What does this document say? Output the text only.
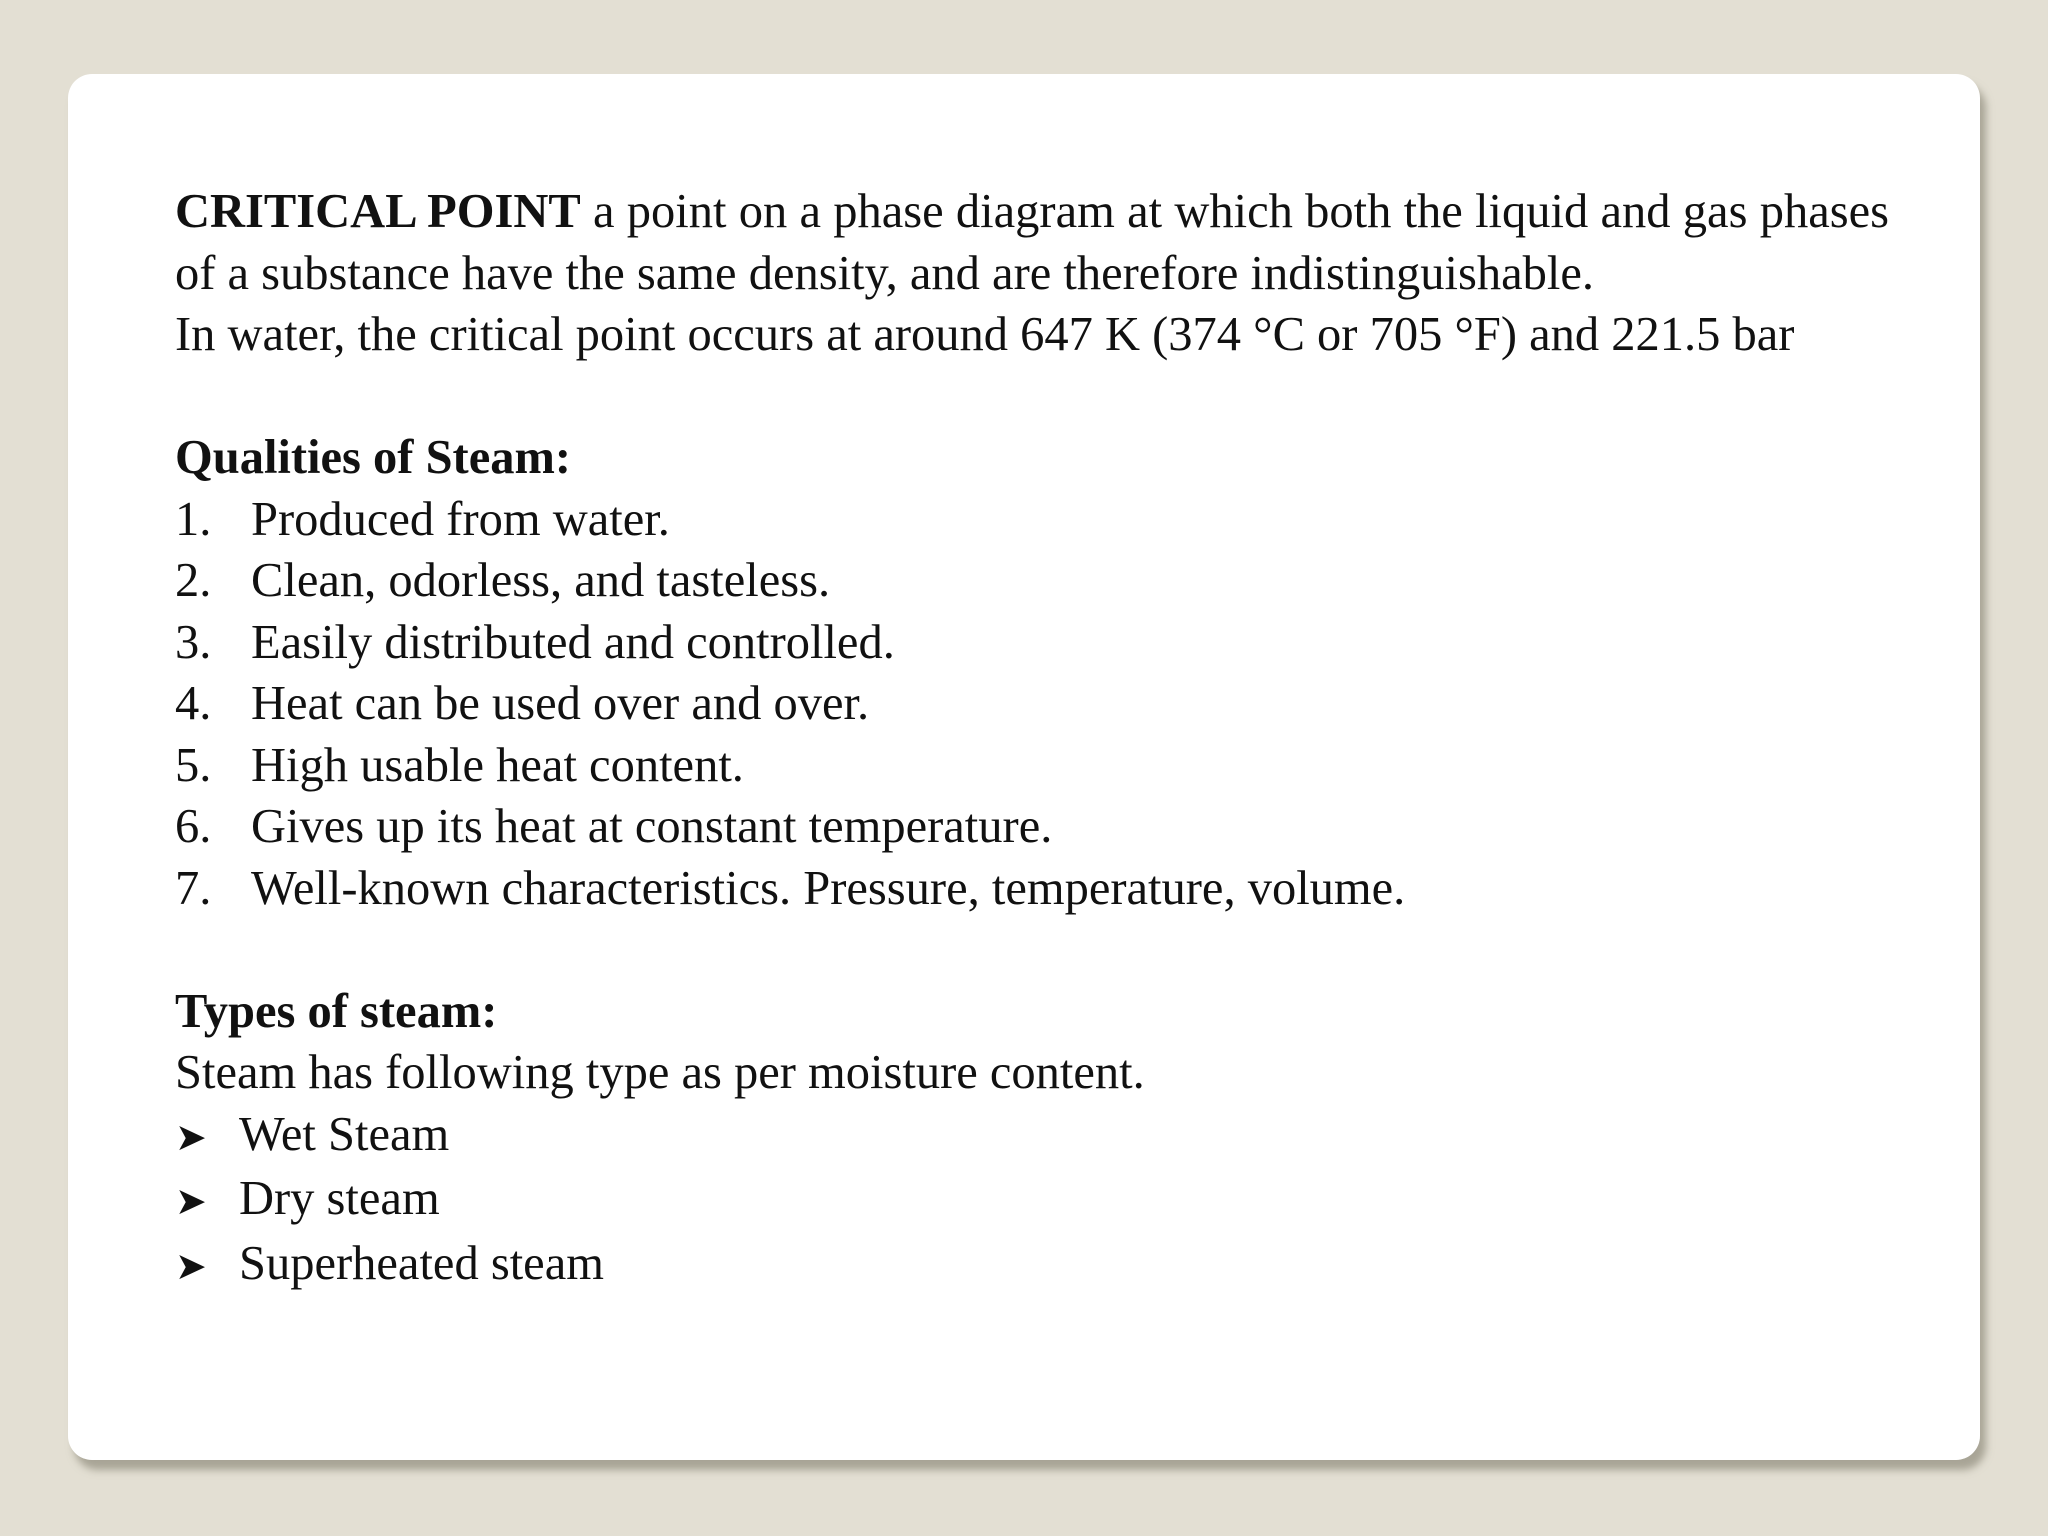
CRITICAL POINT a point on a phase diagram at which both the liquid and gas phases of a substance have the same density, and are therefore indistinguishable.

In water, the critical point occurs at around 647 K (374 °C or 705 °F) and 221.5 bar

Qualities of Steam:

1. Produced from water.
2. Clean, odorless, and tasteless.
3. Easily distributed and controlled.
4. Heat can be used over and over.
5. High usable heat content.
6. Gives up its heat at constant temperature.
7. Well-known characteristics. Pressure, temperature, volume.

Types of steam:

Steam has following type as per moisture content.

➤ Wet Steam
➤ Dry steam
➤ Superheated steam
